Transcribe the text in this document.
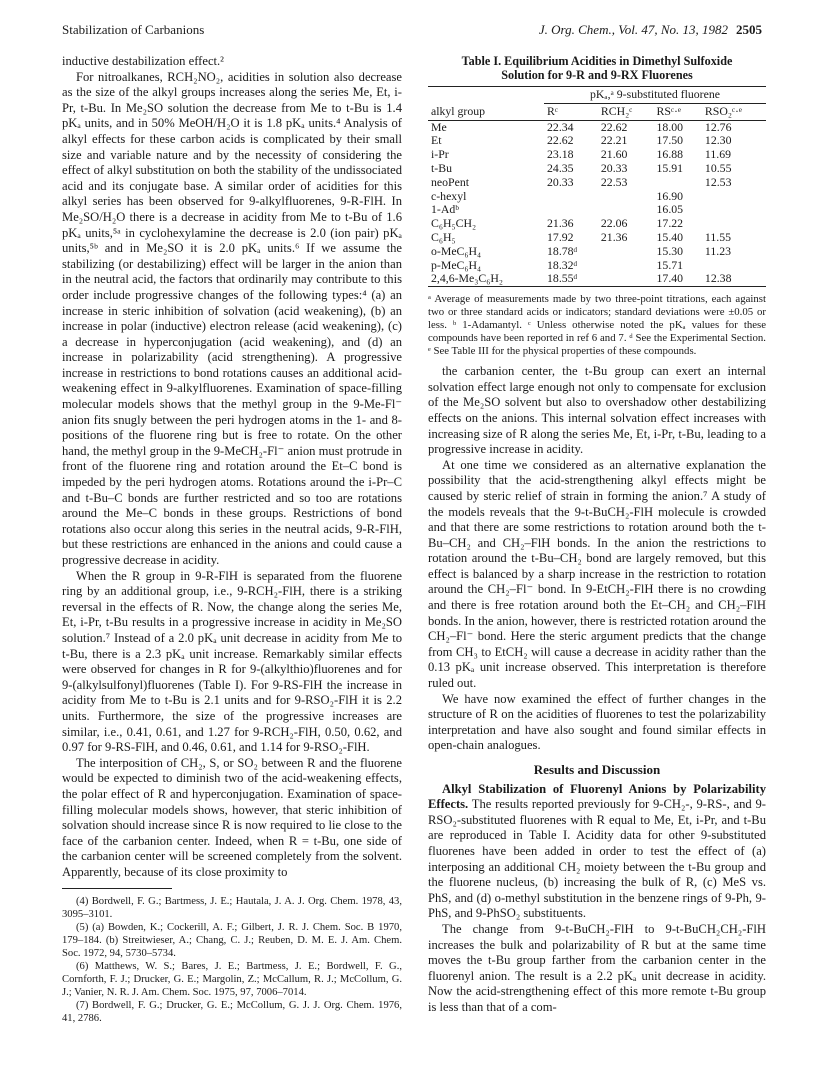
Stabilization of Carbanions	J. Org. Chem., Vol. 47, No. 13, 1982 2505

inductive destabilization effect.²

For nitroalkanes, RCH₂NO₂, acidities in solution also decrease as the size of the alkyl groups increases along the series Me, Et, i-Pr, t-Bu. In Me₂SO solution the decrease from Me to t-Bu is 1.4 pKₐ units, and in 50% MeOH/H₂O it is 1.8 pKₐ units.⁴ Analysis of alkyl effects for these carbon acids is complicated by their small size and variable nature and by the necessity of considering the effect of alkyl substitution on both the stability of the undissociated acid and its conjugate base. A similar order of acidities for this alkyl series has been observed for 9-alkylfluorenes, 9-R-FlH. In Me₂SO/H₂O there is a decrease in acidity from Me to t-Bu of 1.6 pKₐ units,⁵ᵃ in cyclohexylamine the decrease is 2.0 (ion pair) pKₐ units,⁵ᵇ and in Me₂SO it is 2.0 pKₐ units.⁶ If we assume the stabilizing (or destabilizing) effect will be larger in the anion than in the neutral acid, the factors that ordinarily may contribute to this order include progressive changes of the following types:⁴ (a) an increase in steric inhibition of solvation (acid weakening), (b) an increase in polar (inductive) electron release (acid weakening), (c) a decrease in hyperconjugation (acid weakening), and (d) an increase in polarizability (acid strengthening). A progressive increase in restrictions to bond rotations causes an additional acid-weakening effect in 9-alkylfluorenes. Examination of space-filling molecular models shows that the methyl group in the 9-Me-Fl⁻ anion fits snugly between the peri hydrogen atoms in the 1- and 8-positions of the fluorene ring but is free to rotate. On the other hand, the methyl group in the 9-MeCH₂-Fl⁻ anion must protrude in front of the fluorene ring and rotation around the Et–C bond is impeded by the peri hydrogen atoms. Rotations around the i-Pr–C and t-Bu–C bonds are further restricted and so too are rotations around the Me–C bonds in these groups. Restrictions of bond rotations also occur along this series in the neutral acids, 9-R-FlH, but these restrictions are enhanced in the anions and could cause a progressive decrease in acidity.

When the R group in 9-R-FlH is separated from the fluorene ring by an additional group, i.e., 9-RCH₂-FlH, there is a striking reversal in the effects of R. Now, the change along the series Me, Et, i-Pr, t-Bu results in a progressive increase in acidity in Me₂SO solution.⁷ Instead of a 2.0 pKₐ unit decrease in acidity from Me to t-Bu, there is a 2.3 pKₐ unit increase. Remarkably similar effects were observed for changes in R for 9-(alkylthio)fluorenes and for 9-(alkylsulfonyl)fluorenes (Table I). For 9-RS-FlH the increase in acidity from Me to t-Bu is 2.1 units and for 9-RSO₂-FlH it is 2.2 units. Furthermore, the size of the progressive increases are similar, i.e., 0.41, 0.61, and 1.27 for 9-RCH₂-FlH, 0.50, 0.62, and 0.97 for 9-RS-FlH, and 0.46, 0.61, and 1.14 for 9-RSO₂-FlH.

The interposition of CH₂, S, or SO₂ between R and the fluorene would be expected to diminish two of the acid-weakening effects, the polar effect of R and hyperconjugation. Examination of space-filling molecular models shows, however, that steric inhibition of solvation should increase since R is now required to lie close to the face of the carbanion center. Indeed, when R = t-Bu, one side of the carbanion center will be screened completely from the solvent. Apparently, because of its close proximity to

(4) Bordwell, F. G.; Bartmess, J. E.; Hautala, J. A. J. Org. Chem. 1978, 43, 3095–3101.

(5) (a) Bowden, K.; Cockerill, A. F.; Gilbert, J. R. J. Chem. Soc. B 1970, 179–184. (b) Streitwieser, A.; Chang, C. J.; Reuben, D. M. E. J. Am. Chem. Soc. 1972, 94, 5730–5734.

(6) Matthews, W. S.; Bares, J. E.; Bartmess, J. E.; Bordwell, F. G., Cornforth, F. J.; Drucker, G. E.; Margolin, Z.; McCallum, R. J.; McCollum, G. J.; Vanier, N. R. J. Am. Chem. Soc. 1975, 97, 7006–7014.

(7) Bordwell, F. G.; Drucker, G. E.; McCollum, G. J. J. Org. Chem. 1976, 41, 2786.

Table I. Equilibrium Acidities in Dimethyl Sulfoxide
Solution for 9-R and 9-RX Fluorenes
	pKₐ,ᵃ 9-substituted fluorene			
alkyl group	Rᶜ	RCH₂ᶜ	RSᶜ·ᵉ	RSO₂ᶜ·ᵉ
Me	22.34	22.62	18.00	12.76
Et	22.62	22.21	17.50	12.30
i-Pr	23.18	21.60	16.88	11.69
t-Bu	24.35	20.33	15.91	10.55
neoPent	20.33	22.53		12.53
c-hexyl			16.90	
1-Adᵇ			16.05	
C₆H₅CH₂	21.36	22.06	17.22	
C₆H₅	17.92	21.36	15.40	11.55
o-MeC₆H₄	18.78ᵈ		15.30	11.23
p-MeC₆H₄	18.32ᵈ		15.71	
2,4,6-Me₃C₆H₂	18.55ᵈ		17.40	12.38

ᵃ Average of measurements made by two three-point titrations, each against two or three standard acids or indicators; standard deviations were ±0.05 or less. ᵇ 1-Adamantyl. ᶜ Unless otherwise noted the pKₐ values for these compounds have been reported in ref 6 and 7. ᵈ See the Experimental Section. ᵉ See Table III for the physical properties of these compounds.

the carbanion center, the t-Bu group can exert an internal solvation effect large enough not only to compensate for exclusion of the Me₂SO solvent but also to overshadow other destabilizing effects on the anions. This internal solvation effect increases with increasing size of R along the series Me, Et, i-Pr, t-Bu, leading to a progressive increase in acidity.

At one time we considered as an alternative explanation the possibility that the acid-strengthening alkyl effects might be caused by steric relief of strain in forming the anion.⁷ A study of the models reveals that the 9-t-BuCH₂-FlH molecule is crowded and that there are some restrictions to rotation around both the t-Bu–CH₂ and CH₂–FlH bonds. In the anion the restrictions to rotation around the t-Bu–CH₂ bond are largely removed, but this effect is balanced by a sharp increase in the restriction to rotation around the CH₂–Fl⁻ bond. In 9-EtCH₂-FlH there is no crowding and there is free rotation around both the Et–CH₂ and CH₂–FlH bonds. In the anion, however, there is restricted rotation around the CH₂–Fl⁻ bond. Here the steric argument predicts that the change from CH₃ to EtCH₂ will cause a decrease in acidity rather than the 0.13 pKₐ unit increase observed. This interpretation is therefore ruled out.

We have now examined the effect of further changes in the structure of R on the acidities of fluorenes to test the polarizability interpretation and have also sought and found similar effects in open-chain analogues.

Results and Discussion

Alkyl Stabilization of Fluorenyl Anions by Polarizability Effects. The results reported previously for 9-CH₂-, 9-RS-, and 9-RSO₂-substituted fluorenes with R equal to Me, Et, i-Pr, and t-Bu are reproduced in Table I. Acidity data for other 9-substituted fluorenes have been added in order to test the effect of (a) interposing an additional CH₂ moiety between the t-Bu group and the fluorene nucleus, (b) increasing the bulk of R, (c) MeS vs. PhS, and (d) o-methyl substitution in the benzene rings of 9-Ph, 9-PhS, and 9-PhSO₂ substituents.

The change from 9-t-BuCH₂-FlH to 9-t-BuCH₂CH₂-FlH increases the bulk and polarizability of R but at the same time moves the t-Bu group farther from the carbanion center in the fluorenyl anion. The result is a 2.2 pKₐ unit decrease in acidity. Now the acid-strengthening effect of this more remote t-Bu group is less than that of a com-
